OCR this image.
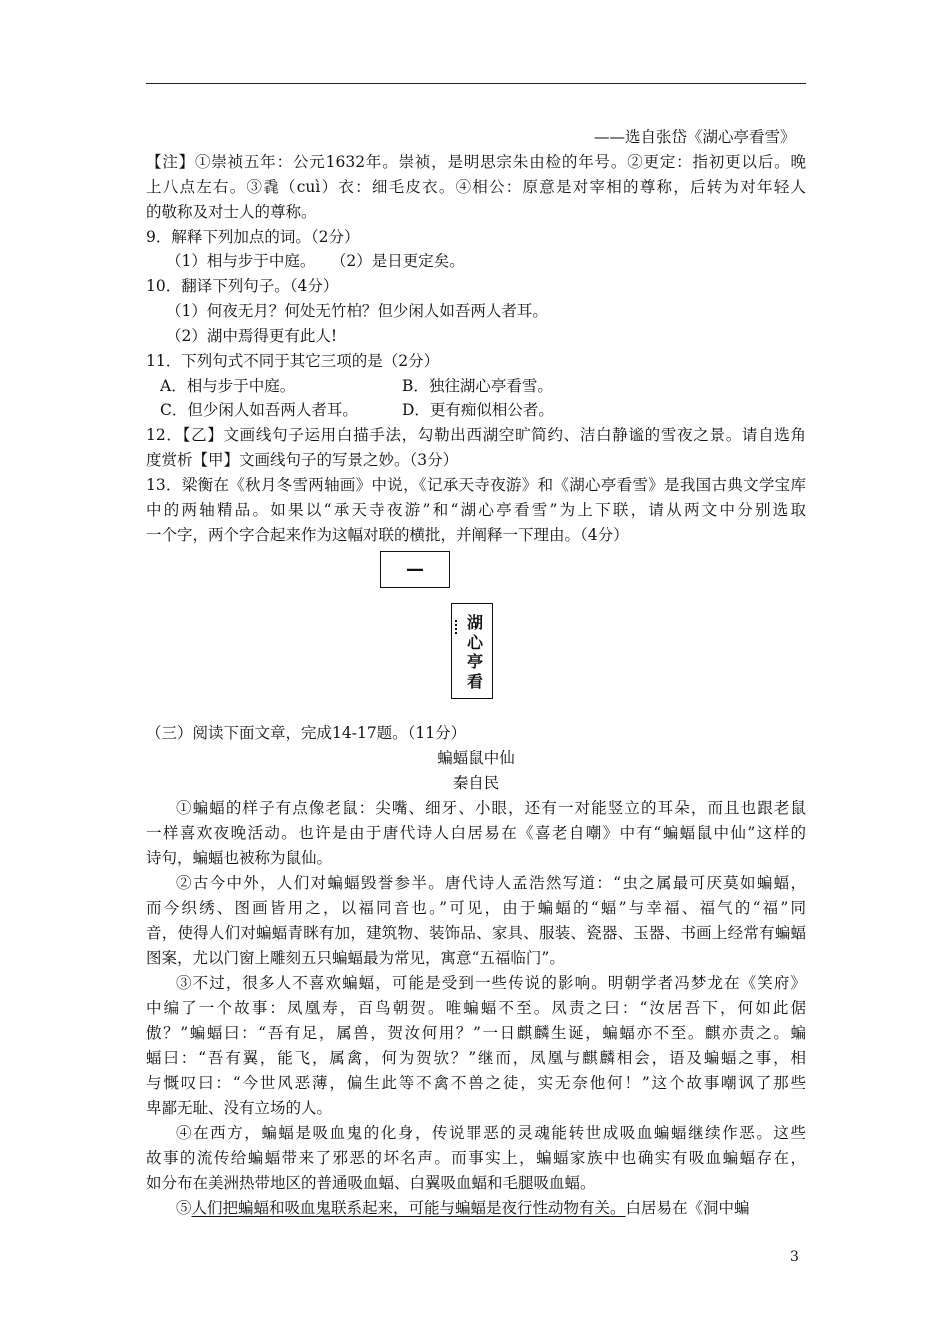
——选自张岱《湖心亭看雪》
【注】①崇祯五年：公元1632年。崇祯，是明思宗朱由检的年号。②更定：指初更以后。晚
上八点左右。③毳（cuì）衣：细毛皮衣。④相公：原意是对宰相的尊称，后转为对年轻人
的敬称及对士人的尊称。
9．解释下列加点的词。（2分）
（1）相与步于中庭。　　（2）是日更定矣。
10．翻译下列句子。（4分）
（1）何夜无月？何处无竹柏？但少闲人如吾两人者耳。
（2）湖中焉得更有此人!
11．下列句式不同于其它三项的是（2分）
A．相与步于中庭。	B．独往湖心亭看雪。
C．但少闲人如吾两人者耳。	D．更有痴似相公者。
12．【乙】文画线句子运用白描手法，勾勒出西湖空旷简约、洁白静谧的雪夜之景。请自选角
度赏析【甲】文画线句子的写景之妙。（3分）
13．梁衡在《秋月冬雪两轴画》中说，《记承天寺夜游》和《湖心亭看雪》是我国古典文学宝库
中的两轴精品。如果以“承天寺夜游”和“湖心亭看雪”为上下联，请从两文中分别选取
一个字，两个字合起来作为这幅对联的横批，并阐释一下理由。（4分）
—
湖心亭看
（三）阅读下面文章，完成14-17题。（11分）
蝙蝠鼠中仙
秦自民
①蝙蝠的样子有点像老鼠：尖嘴、细牙、小眼，还有一对能竖立的耳朵，而且也跟老鼠
一样喜欢夜晚活动。也许是由于唐代诗人白居易在《喜老自嘲》中有“蝙蝠鼠中仙”这样的
诗句，蝙蝠也被称为鼠仙。
②古今中外，人们对蝙蝠毁誉参半。唐代诗人孟浩然写道：“虫之属最可厌莫如蝙蝠，
而今织绣、图画皆用之，以福同音也。”可见，由于蝙蝠的“蝠”与幸福、福气的“福”同
音，使得人们对蝙蝠青眯有加，建筑物、装饰品、家具、服装、瓷器、玉器、书画上经常有蝙蝠
图案，尤以门窗上雕刻五只蝙蝠最为常见，寓意“五福临门”。
③不过，很多人不喜欢蝙蝠，可能是受到一些传说的影响。明朝学者冯梦龙在《笑府》
中编了一个故事：凤凰寿，百鸟朝贺。唯蝙蝠不至。凤责之曰：“汝居吾下，何如此倨
傲？”蝙蝠曰：“吾有足，属兽，贺汝何用？”一日麒麟生诞，蝙蝠亦不至。麒亦责之。蝙
蝠曰：“吾有翼，能飞，属禽，何为贺欤？”继而，凤凰与麒麟相会，语及蝙蝠之事，相
与慨叹曰：“今世风恶薄，偏生此等不禽不兽之徒，实无奈他何！”这个故事嘲讽了那些
卑鄙无耻、没有立场的人。
④在西方，蝙蝠是吸血鬼的化身，传说罪恶的灵魂能转世成吸血蝙蝠继续作恶。这些
故事的流传给蝙蝠带来了邪恶的坏名声。而事实上，蝙蝠家族中也确实有吸血蝙蝠存在，
如分布在美洲热带地区的普通吸血蝠、白翼吸血蝠和毛腿吸血蝠。
⑤人们把蝙蝠和吸血鬼联系起来，可能与蝙蝠是夜行性动物有关。白居易在《洞中蝙
3
